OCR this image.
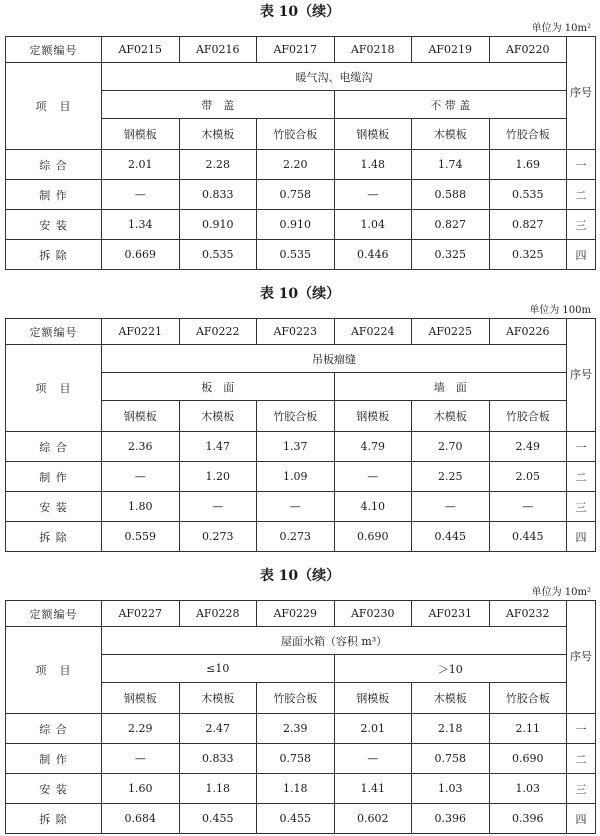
表 10（续）
单位为 10m²
定额编号	AF0215	AF0216	AF0217	AF0218	AF0219	AF0220	序号
项　目	暖气沟、电缆沟						
	带　盖			不 带 盖			
	钢模板	木模板	竹胶合板	钢模板	木模板	竹胶合板	
综 合	2.01	2.28	2.20	1.48	1.74	1.69	一
制 作	—	0.833	0.758	—	0.588	0.535	二
安 装	1.34	0.910	0.910	1.04	0.827	0.827	三
拆 除	0.669	0.535	0.535	0.446	0.325	0.325	四
表 10（续）
单位为 100m
定额编号	AF0221	AF0222	AF0223	AF0224	AF0225	AF0226	序号
项　目	吊板瘤缝						
	板　面			墙　面			
	钢模板	木模板	竹胶合板	钢模板	木模板	竹胶合板	
综 合	2.36	1.47	1.37	4.79	2.70	2.49	一
制 作	—	1.20	1.09	—	2.25	2.05	二
安 装	1.80	—	—	4.10	—	—	三
拆 除	0.559	0.273	0.273	0.690	0.445	0.445	四
表 10（续）
单位为 10m²
定额编号	AF0227	AF0228	AF0229	AF0230	AF0231	AF0232	序号
项　目	屋面水箱（容积 m³）						
	≤10			＞10			
	钢模板	木模板	竹胶合板	钢模板	木模板	竹胶合板	
综 合	2.29	2.47	2.39	2.01	2.18	2.11	一
制 作	—	0.833	0.758	—	0.758	0.690	二
安 装	1.60	1.18	1.18	1.41	1.03	1.03	三
拆 除	0.684	0.455	0.455	0.602	0.396	0.396	四
